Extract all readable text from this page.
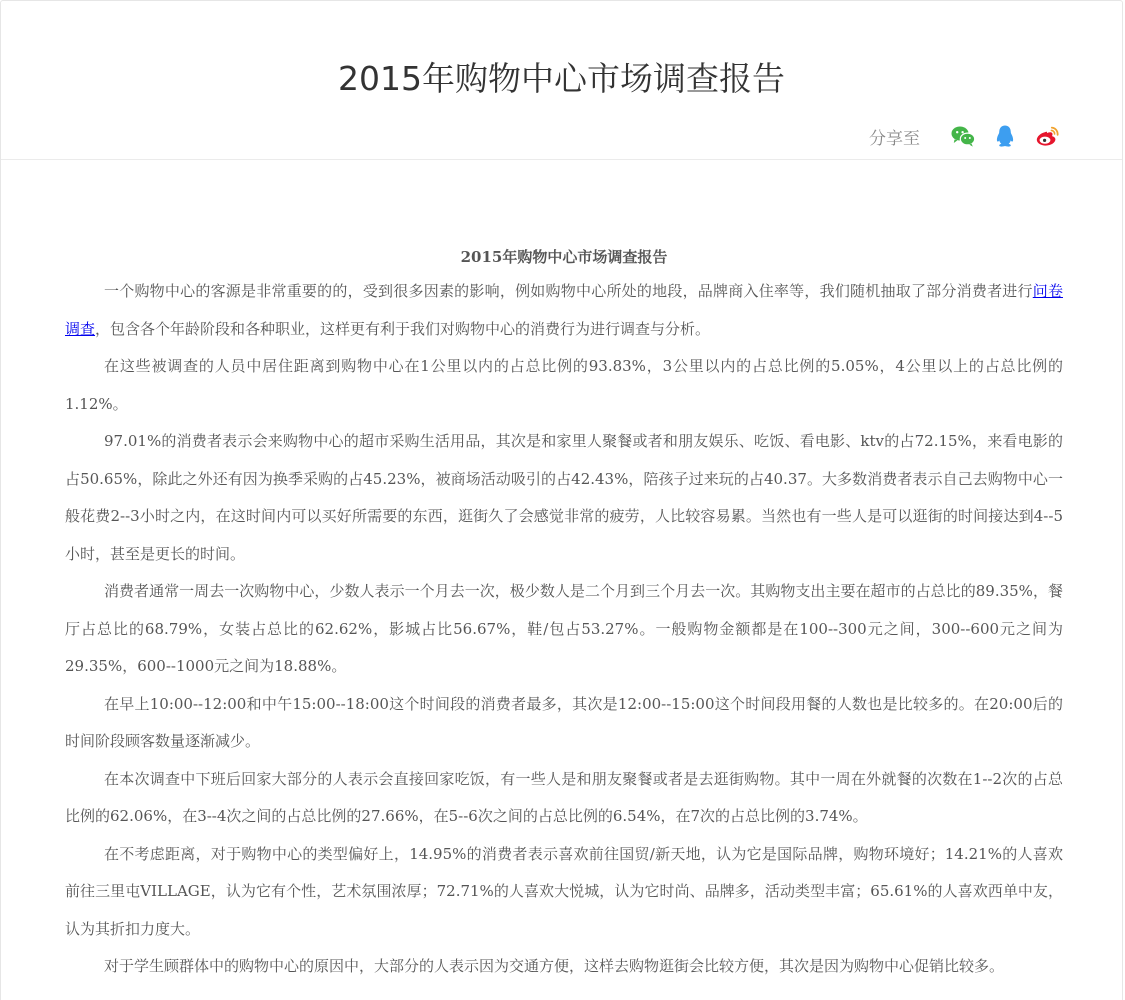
2015年购物中心市场调查报告
分享至

2015年购物中心市场调查报告

一个购物中心的客源是非常重要的的，受到很多因素的影响，例如购物中心所处的地段，品牌商入住率等，我们随机抽取了部分消费者进行问卷调查，包含各个年龄阶段和各种职业，这样更有利于我们对购物中心的消费行为进行调查与分析。

在这些被调查的人员中居住距离到购物中心在1公里以内的占总比例的93.83%，3公里以内的占总比例的5.05%，4公里以上的占总比例的1.12%。

97.01%的消费者表示会来购物中心的超市采购生活用品，其次是和家里人聚餐或者和朋友娱乐、吃饭、看电影、ktv的占72.15%，来看电影的占50.65%，除此之外还有因为换季采购的占45.23%，被商场活动吸引的占42.43%，陪孩子过来玩的占40.37。大多数消费者表示自己去购物中心一般花费2--3小时之内，在这时间内可以买好所需要的东西，逛街久了会感觉非常的疲劳，人比较容易累。当然也有一些人是可以逛街的时间接达到4--5小时，甚至是更长的时间。

消费者通常一周去一次购物中心，少数人表示一个月去一次，极少数人是二个月到三个月去一次。其购物支出主要在超市的占总比的89.35%，餐厅占总比的68.79%，女装占总比的62.62%，影城占比56.67%，鞋/包占53.27%。一般购物金额都是在100--300元之间，300--600元之间为29.35%，600--1000元之间为18.88%。

在早上10:00--12:00和中午15:00--18:00这个时间段的消费者最多，其次是12:00--15:00这个时间段用餐的人数也是比较多的。在20:00后的时间阶段顾客数量逐渐减少。

在本次调查中下班后回家大部分的人表示会直接回家吃饭，有一些人是和朋友聚餐或者是去逛街购物。其中一周在外就餐的次数在1--2次的占总比例的62.06%，在3--4次之间的占总比例的27.66%，在5--6次之间的占总比例的6.54%，在7次的占总比例的3.74%。

在不考虑距离，对于购物中心的类型偏好上，14.95%的消费者表示喜欢前往国贸/新天地，认为它是国际品牌，购物环境好；14.21%的人喜欢前往三里屯VILLAGE，认为它有个性，艺术氛围浓厚；72.71%的人喜欢大悦城，认为它时尚、品牌多，活动类型丰富；65.61%的人喜欢西单中友，认为其折扣力度大。

对于学生顾群体中的购物中心的原因中，大部分的人表示因为交通方便，这样去购物逛街会比较方便，其次是因为购物中心促销比较多。
